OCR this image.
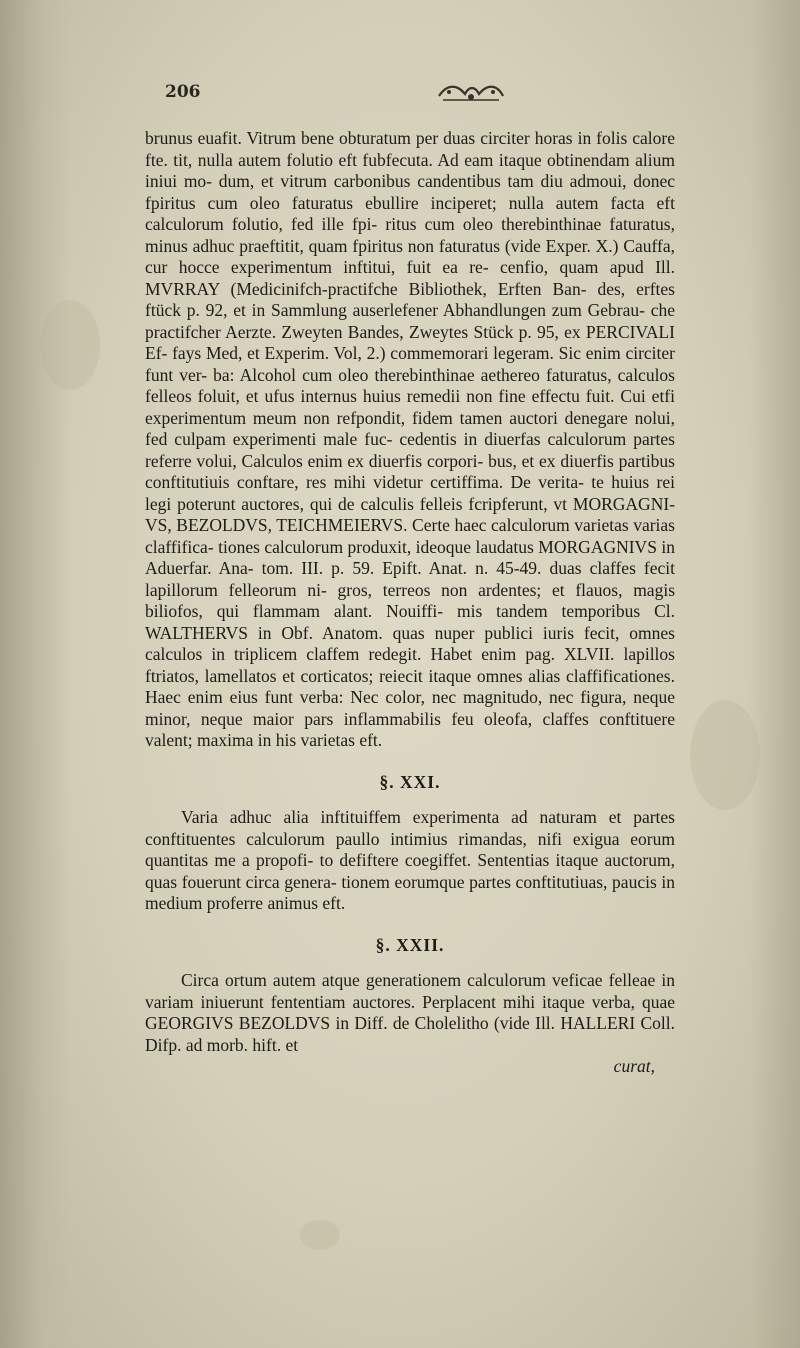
206

brunus euafit. Vitrum bene obturatum per duas circiter horas in folis calore fte. tit, nulla autem folutio eft fubfecuta. Ad eam itaque obtinendam alium iniui mo- dum, et vitrum carbonibus candentibus tam diu admoui, donec fpiritus cum oleo faturatus ebullire inciperet; nulla autem facta eft calculorum folutio, fed ille fpi- ritus cum oleo therebinthinae faturatus, minus adhuc praeftitit, quam fpiritus non faturatus (vide Exper. X.) Cauffa, cur hocce experimentum inftitui, fuit ea re- cenfio, quam apud Ill. MVRRAY (Medicinifch-practifche Bibliothek, Erften Ban- des, erftes ftück p. 92, et in Sammlung auserlefener Abhandlungen zum Gebrau- che practifcher Aerzte. Zweyten Bandes, Zweytes Stück p. 95, ex PERCIVALI Ef- fays Med, et Experim. Vol, 2.) commemorari legeram. Sic enim circiter funt ver- ba: Alcohol cum oleo therebinthinae aethereo faturatus, calculos felleos foluit, et ufus internus huius remedii non fine effectu fuit. Cui etfi experimentum meum non refpondit, fidem tamen auctori denegare nolui, fed culpam experimenti male fuc- cedentis in diuerfas calculorum partes referre volui, Calculos enim ex diuerfis corpori- bus, et ex diuerfis partibus conftitutiuis conftare, res mihi videtur certiffima. De verita- te huius rei legi poterunt auctores, qui de calculis felleis fcripferunt, vt MORGAGNI- VS, BEZOLDVS, TEICHMEIERVS. Certe haec calculorum varietas varias claffifica- tiones calculorum produxit, ideoque laudatus MORGAGNIVS in Aduerfar. Ana- tom. III. p. 59. Epift. Anat. n. 45-49. duas claffes fecit lapillorum felleorum ni- gros, terreos non ardentes; et flauos, magis biliofos, qui flammam alant. Nouiffi- mis tandem temporibus Cl. WALTHERVS in Obf. Anatom. quas nuper publici iuris fecit, omnes calculos in triplicem claffem redegit. Habet enim pag. XLVII. lapillos ftriatos, lamellatos et corticatos; reiecit itaque omnes alias claffificationes. Haec enim eius funt verba: Nec color, nec magnitudo, nec figura, neque minor, neque maior pars inflammabilis feu oleofa, claffes conftituere valent; maxima in his varietas eft.

§. XXI.

Varia adhuc alia inftituiffem experimenta ad naturam et partes conftituentes calculorum paullo intimius rimandas, nifi exigua eorum quantitas me a propofi- to defiftere coegiffet. Sententias itaque auctorum, quas fouerunt circa genera- tionem eorumque partes conftitutiuas, paucis in medium proferre animus eft.

§. XXII.

Circa ortum autem atque generationem calculorum veficae felleae in variam iniuerunt fententiam auctores. Perplacent mihi itaque verba, quae GEORGIVS BEZOLDVS in Diff. de Cholelitho (vide Ill. HALLERI Coll. Difp. ad morb. hift. et

curat,
